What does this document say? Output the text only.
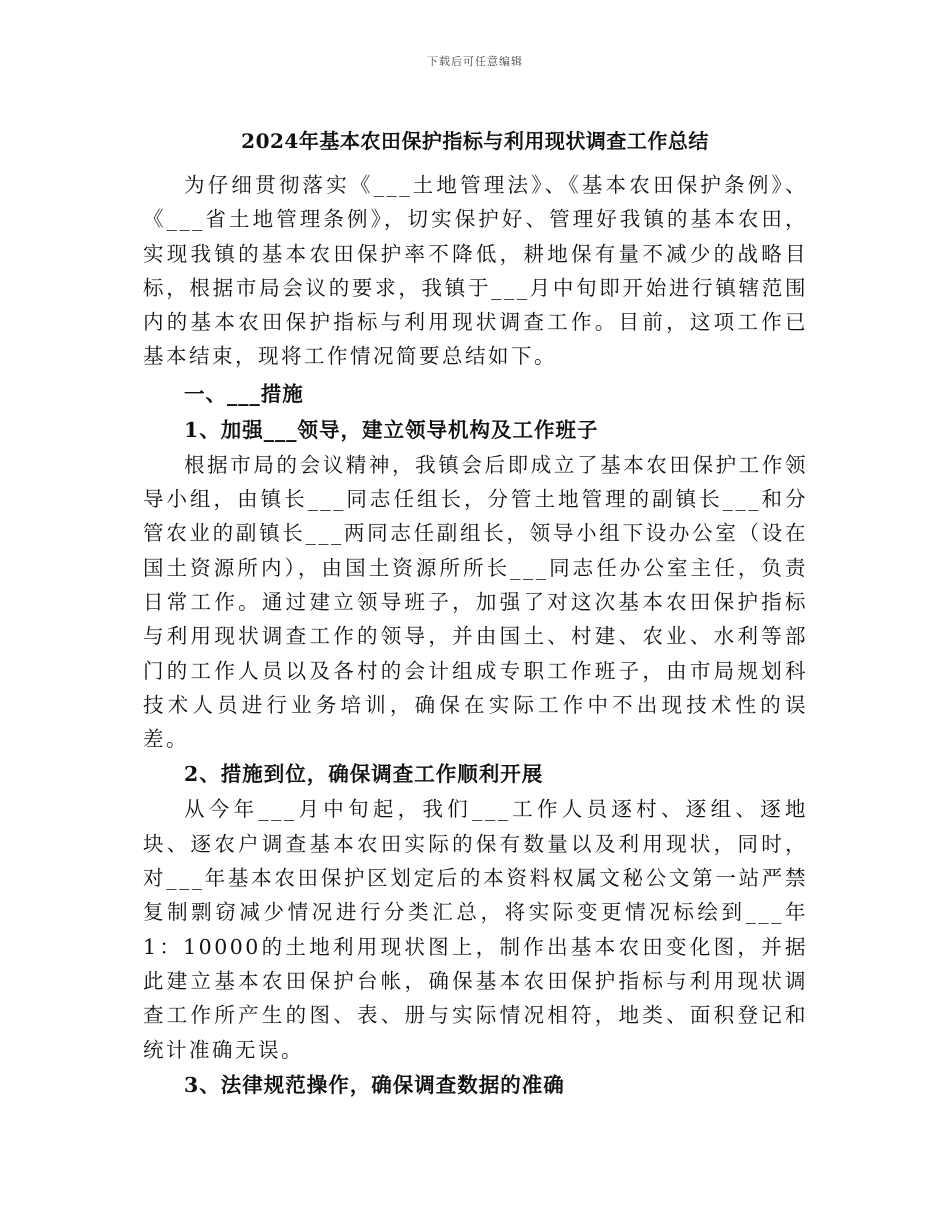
下载后可任意编辑
2024年基本农田保护指标与利用现状调查工作总结

为仔细贯彻落实《___土地管理法》、《基本农田保护条例》、《___省土地管理条例》，切实保护好、管理好我镇的基本农田，实现我镇的基本农田保护率不降低，耕地保有量不减少的战略目标，根据市局会议的要求，我镇于___月中旬即开始进行镇辖范围内的基本农田保护指标与利用现状调查工作。目前，这项工作已基本结束，现将工作情况简要总结如下。

一、___措施
1、加强___领导，建立领导机构及工作班子

根据市局的会议精神，我镇会后即成立了基本农田保护工作领导小组，由镇长___同志任组长，分管土地管理的副镇长___和分管农业的副镇长___两同志任副组长，领导小组下设办公室（设在国土资源所内），由国土资源所所长___同志任办公室主任，负责日常工作。通过建立领导班子，加强了对这次基本农田保护指标与利用现状调查工作的领导，并由国土、村建、农业、水利等部门的工作人员以及各村的会计组成专职工作班子，由市局规划科技术人员进行业务培训，确保在实际工作中不出现技术性的误差。

2、措施到位，确保调查工作顺利开展

从今年___月中旬起，我们___工作人员逐村、逐组、逐地块、逐农户调查基本农田实际的保有数量以及利用现状，同时，对___年基本农田保护区划定后的本资料权属文秘公文第一站严禁复制剽窃减少情况进行分类汇总，将实际变更情况标绘到___年1：10000的土地利用现状图上，制作出基本农田变化图，并据此建立基本农田保护台帐，确保基本农田保护指标与利用现状调查工作所产生的图、表、册与实际情况相符，地类、面积登记和统计准确无误。

3、法律规范操作，确保调查数据的准确
